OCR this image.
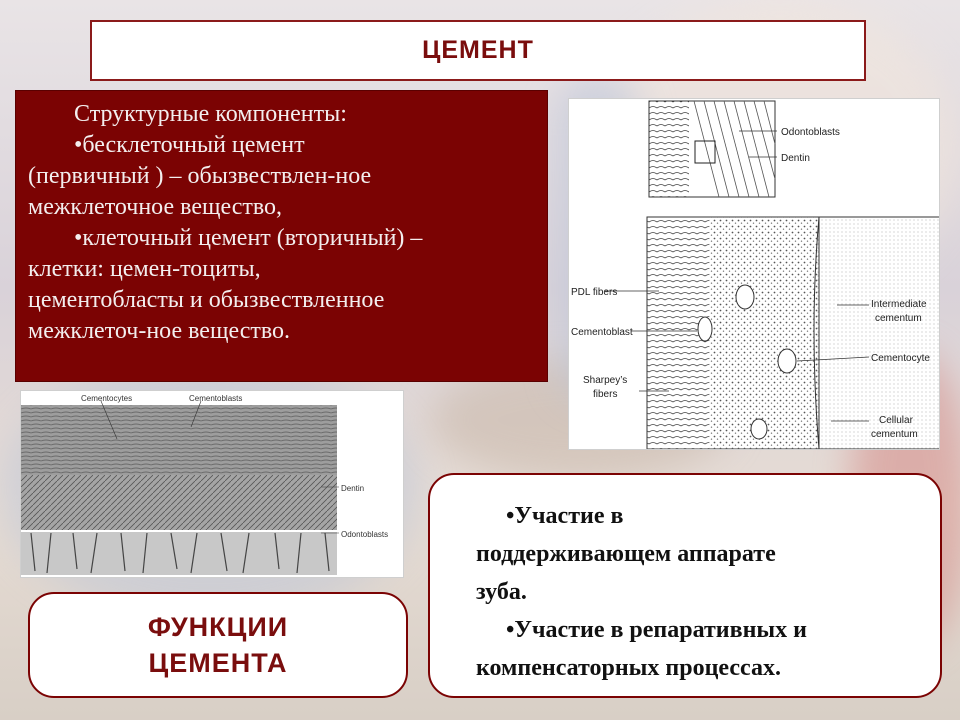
ЦЕМЕНТ

Структурные компоненты:

•бесклеточный цемент

(первичный ) – обызвествлен-ное

межклеточное вещество,

•клеточный цемент (вторичный) –

клетки: цемен-тоциты,

цементобласты и обызвествленное

межклеточ-ное вещество.

Odontoblasts
Dentin
PDL fibers
Cementoblast
Sharpey’s
fibers
Intermediate
cementum
Cementocyte
Cellular
cementum
Cementocytes	Cementoblasts
Dentin
Odontoblasts
ФУНКЦИИ
ЦЕМЕНТА
•Участие в
поддерживающем аппарате
зуба.
•Участие в репаративных и
компенсаторных процессах.
